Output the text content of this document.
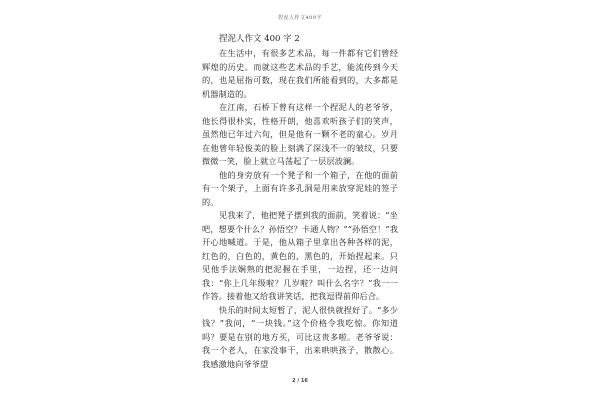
捏泥人作文400字
捏泥人作文 400 字 2

在生活中，有很多艺术品，每一件都有它们曾经辉煌的历史。而就这些艺术品的手艺，能流传到今天的，也是屈指可数，现在我们所能看到的，大多都是机器制造的。

在江南，石桥下曾有这样一个捏泥人的老爷爷，他长得很朴实，性格开朗，他喜欢听孩子们的笑声，虽然他已年过六旬，但是他有一颗不老的童心。岁月在他曾年轻俊美的脸上刻满了深浅不一的皱纹，只要微微一笑，脸上就立马荡起了一层层波澜。

他的身旁放有一个凳子和一个箱子，在他的面前有一个架子，上面有许多孔洞是用来放穿泥娃的签子的。

见我来了，他把凳子摆到我的面前，笑着说：“坐吧，想要个什么？孙悟空？卡通人物？”“孙悟空！”我开心地喊道。于是，他从箱子里拿出各种各样的泥，红色的，白色的，黄色的，黑色的，开始捏起来。只见他手法娴熟的把泥握在手里，一边捏，还一边问我：“你上几年级啦？几岁啦？叫什么名字？”我一一作答。接着他又给我讲笑话，把我逗得前仰后合。

快乐的时间太短暂了，泥人很快就捏好了。“多少钱？”我问，“一块钱。”这个价格令我吃惊。你知道吗？要是在别的地方买，可比这贵多啦。老爷爷说：我一个老人，在家没事干，出来哄哄孩子，散散心。我感激地向爷爷望

2 / 16
